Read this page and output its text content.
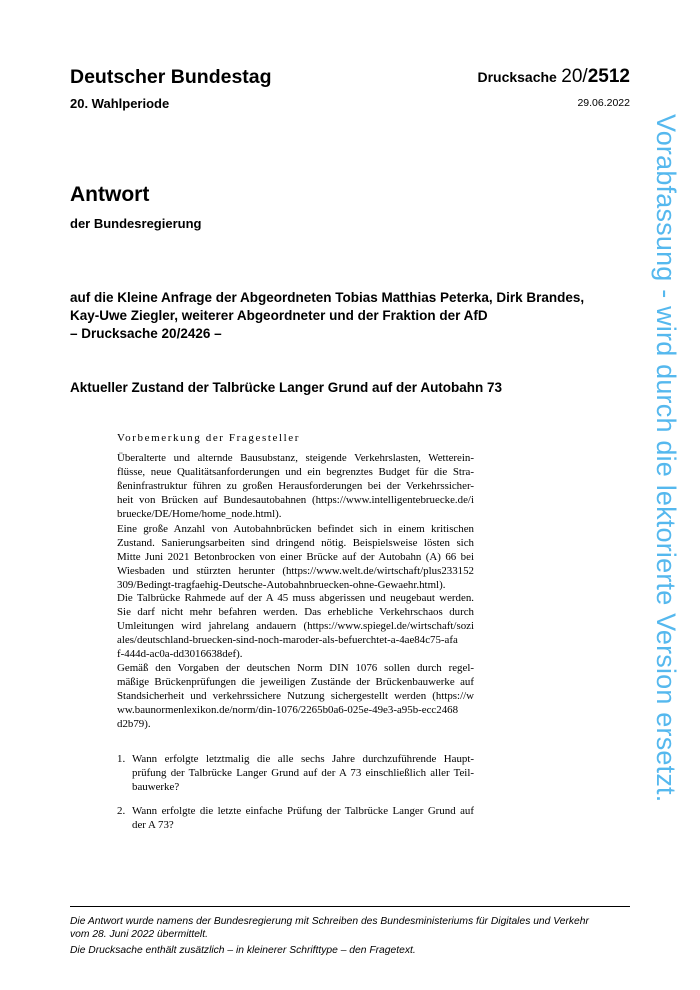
Deutscher Bundestag	Drucksache 20/2512
20. Wahlperiode	29.06.2022
Antwort
der Bundesregierung
auf die Kleine Anfrage der Abgeordneten Tobias Matthias Peterka, Dirk Brandes,
Kay-Uwe Ziegler, weiterer Abgeordneter und der Fraktion der AfD
– Drucksache 20/2426 –
Aktueller Zustand der Talbrücke Langer Grund auf der Autobahn 73
Vorbemerkung der Fragesteller
Überalterte und alternde Bausubstanz, steigende Verkehrslasten, Wetterein-
flüsse, neue Qualitätsanforderungen und ein begrenztes Budget für die Stra-
ßeninfrastruktur führen zu großen Herausforderungen bei der Verkehrssicher-
heit von Brücken auf Bundesautobahnen (https://www.intelligentebruecke.de/i
bruecke/DE/Home/home_node.html).
Eine große Anzahl von Autobahnbrücken befindet sich in einem kritischen
Zustand. Sanierungsarbeiten sind dringend nötig. Beispielsweise lösten sich
Mitte Juni 2021 Betonbrocken von einer Brücke auf der Autobahn (A) 66 bei
Wiesbaden und stürzten herunter (https://www.welt.de/wirtschaft/plus233152
309/Bedingt-tragfaehig-Deutsche-Autobahnbruecken-ohne-Gewaehr.html).
Die Talbrücke Rahmede auf der A 45 muss abgerissen und neugebaut werden.
Sie darf nicht mehr befahren werden. Das erhebliche Verkehrschaos durch
Umleitungen wird jahrelang andauern (https://www.spiegel.de/wirtschaft/sozi
ales/deutschland-bruecken-sind-noch-maroder-als-befuerchtet-a-4ae84c75-afa
f-444d-ac0a-dd3016638def).
Gemäß den Vorgaben der deutschen Norm DIN 1076 sollen durch regel-
mäßige Brückenprüfungen die jeweiligen Zustände der Brückenbauwerke auf
Standsicherheit und verkehrssichere Nutzung sichergestellt werden (https://w
ww.baunormenlexikon.de/norm/din-1076/2265b0a6-025e-49e3-a95b-ecc2468
d2b79).
1. Wann erfolgte letztmalig die alle sechs Jahre durchzuführende Haupt-
prüfung der Talbrücke Langer Grund auf der A 73 einschließlich aller Teil-
bauwerke?
2. Wann erfolgte die letzte einfache Prüfung der Talbrücke Langer Grund auf
der A 73?
Die Antwort wurde namens der Bundesregierung mit Schreiben des Bundesministeriums für Digitales und Verkehr
vom 28. Juni 2022 übermittelt.
Die Drucksache enthält zusätzlich – in kleinerer Schrifttype – den Fragetext.
Vorabfassung - wird durch die lektorierte Version ersetzt.
